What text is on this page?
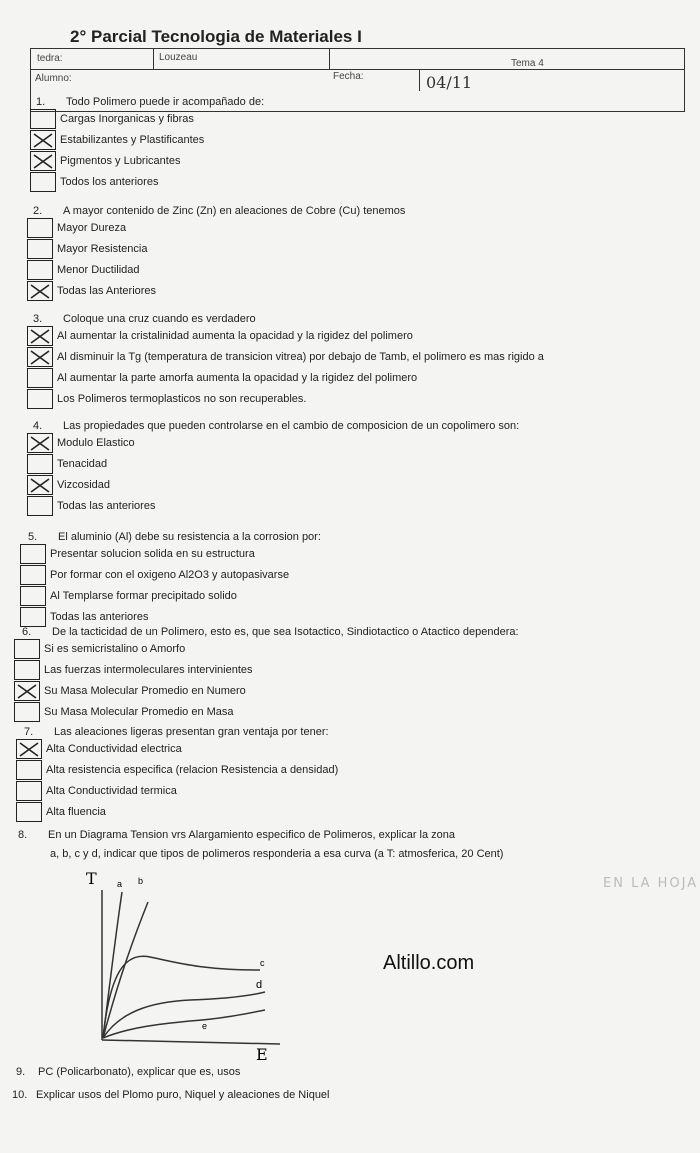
2° Parcial Tecnologia de Materiales I
tedra:	Louzeau
Tema 4
Fecha:	04/11
Alumno:
1. Todo Polimero puede ir acompañado de:
Cargas Inorganicas y fibras
Estabilizantes y Plastificantes
Pigmentos y Lubricantes
Todos los anteriores
2. A mayor contenido de Zinc (Zn) en aleaciones de Cobre (Cu) tenemos
Mayor Dureza
Mayor Resistencia
Menor Ductilidad
Todas las Anteriores
3. Coloque una cruz cuando es verdadero
Al aumentar la cristalinidad aumenta la opacidad y la rigidez del polimero
Al disminuir la Tg (temperatura de transicion vitrea) por debajo de Tamb, el polimero es mas rigido a
Al aumentar la parte amorfa aumenta la opacidad y la rigidez del polimero
Los Polimeros termoplasticos no son recuperables.
4. Las propiedades que pueden controlarse en el cambio de composicion de un copolimero son:
Modulo Elastico
Tenacidad
Vizcosidad
Todas las anteriores
5. El aluminio (Al) debe su resistencia a la corrosion por:
Presentar solucion solida en su estructura
Por formar con el oxigeno Al2O3 y autopasivarse
Al Templarse formar precipitado solido
Todas las anteriores
6. De la tacticidad de un Polimero, esto es, que sea Isotactico, Sindiotactico o Atactico dependera:
Si es semicristalino o Amorfo
Las fuerzas intermoleculares intervinientes
Su Masa Molecular Promedio en Numero
Su Masa Molecular Promedio en Masa
7. Las aleaciones ligeras presentan gran ventaja por tener:
Alta Conductividad electrica
Alta resistencia especifica (relacion Resistencia a densidad)
Alta Conductividad termica
Alta fluencia
8. En un Diagrama Tension vrs Alargamiento especifico de Polimeros, explicar la zona
a, b, c y d, indicar que tipos de polimeros responderia a esa curva (a T: atmosferica, 20 Cent)
EN LA HOJA
T
E
a b
c
d
e
Altillo.com
9. PC (Policarbonato), explicar que es, usos
10. Explicar usos del Plomo puro, Niquel y aleaciones de Niquel
